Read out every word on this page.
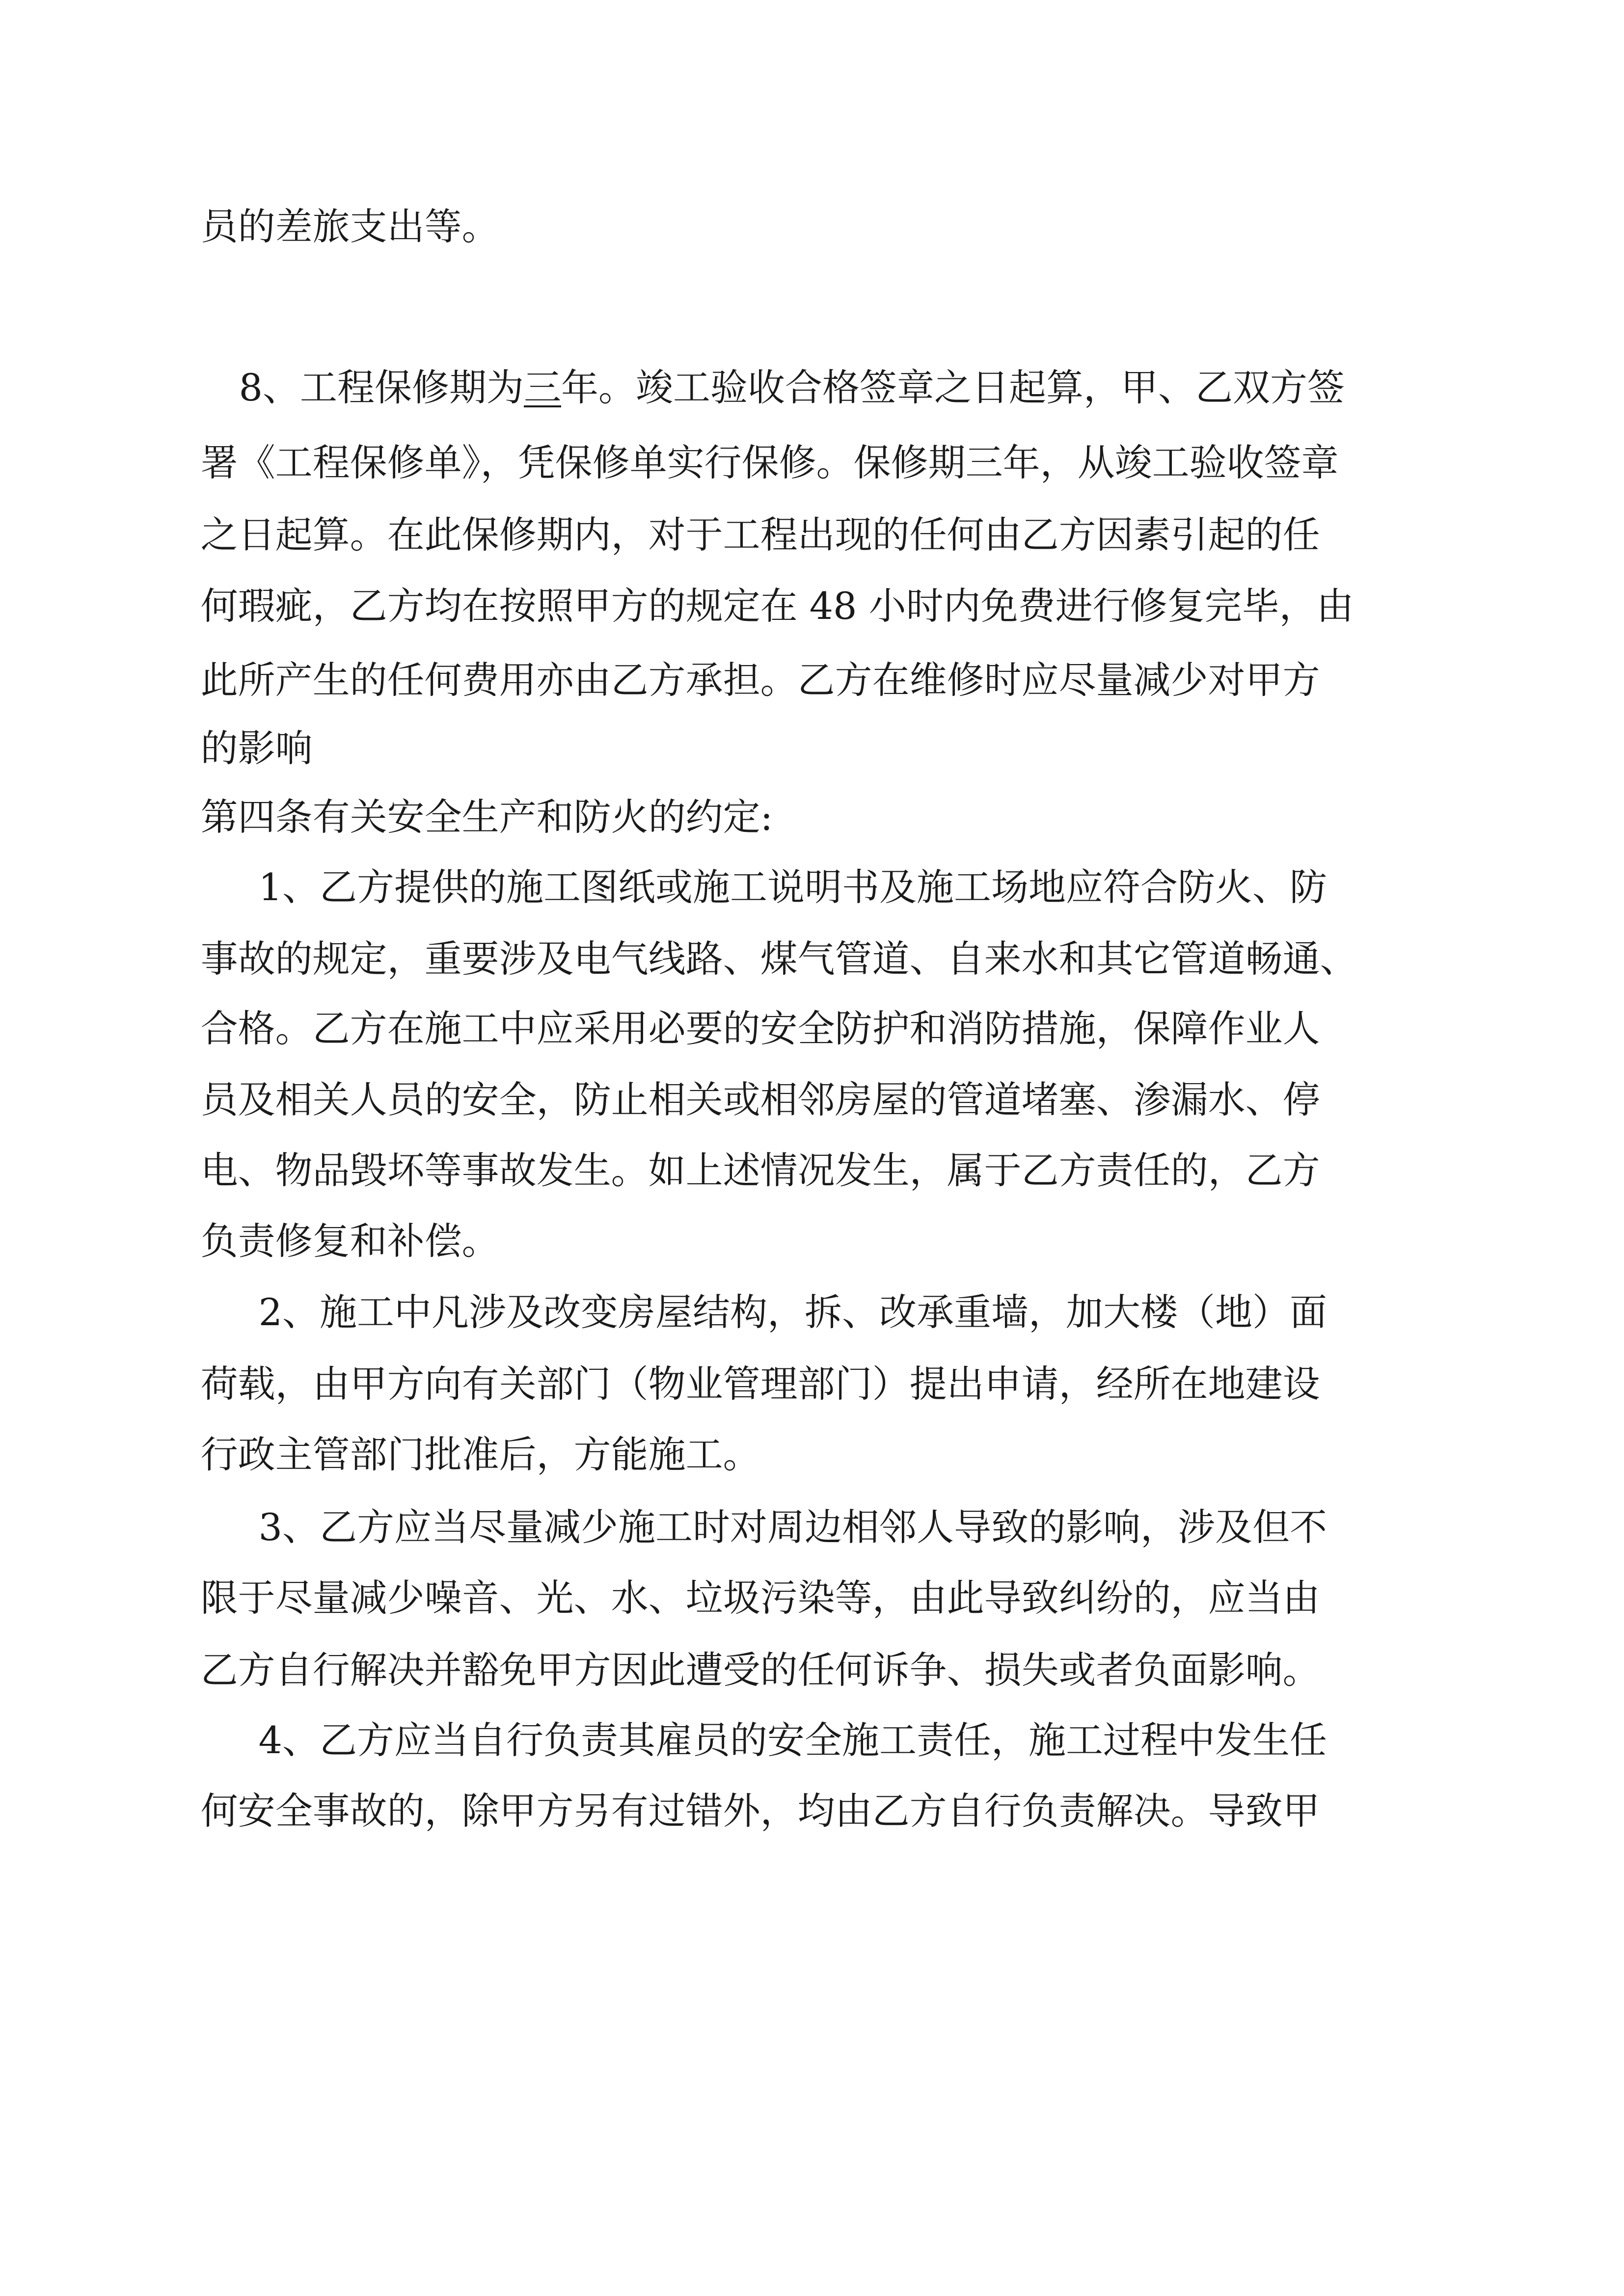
员的差旅支出等。

8、工程保修期为三年。竣工验收合格签章之日起算，甲、乙双方签

署《工程保修单》，凭保修单实行保修。保修期三年，从竣工验收签章

之日起算。在此保修期内，对于工程出现的任何由乙方因素引起的任

何瑕疵，乙方均在按照甲方的规定在 48 小时内免费进行修复完毕，由

此所产生的任何费用亦由乙方承担。乙方在维修时应尽量减少对甲方

的影响

第四条有关安全生产和防火的约定:

1、乙方提供的施工图纸或施工说明书及施工场地应符合防火、防

事故的规定，重要涉及电气线路、煤气管道、自来水和其它管道畅通、

合格。乙方在施工中应采用必要的安全防护和消防措施，保障作业人

员及相关人员的安全，防止相关或相邻房屋的管道堵塞、渗漏水、停

电、物品毁坏等事故发生。如上述情况发生，属于乙方责任的，乙方

负责修复和补偿。

2、施工中凡涉及改变房屋结构，拆、改承重墙，加大楼（地）面

荷载，由甲方向有关部门（物业管理部门）提出申请，经所在地建设

行政主管部门批准后，方能施工。

3、乙方应当尽量减少施工时对周边相邻人导致的影响，涉及但不

限于尽量减少噪音、光、水、垃圾污染等，由此导致纠纷的，应当由

乙方自行解决并豁免甲方因此遭受的任何诉争、损失或者负面影响。

4、乙方应当自行负责其雇员的安全施工责任，施工过程中发生任

何安全事故的，除甲方另有过错外，均由乙方自行负责解决。导致甲
